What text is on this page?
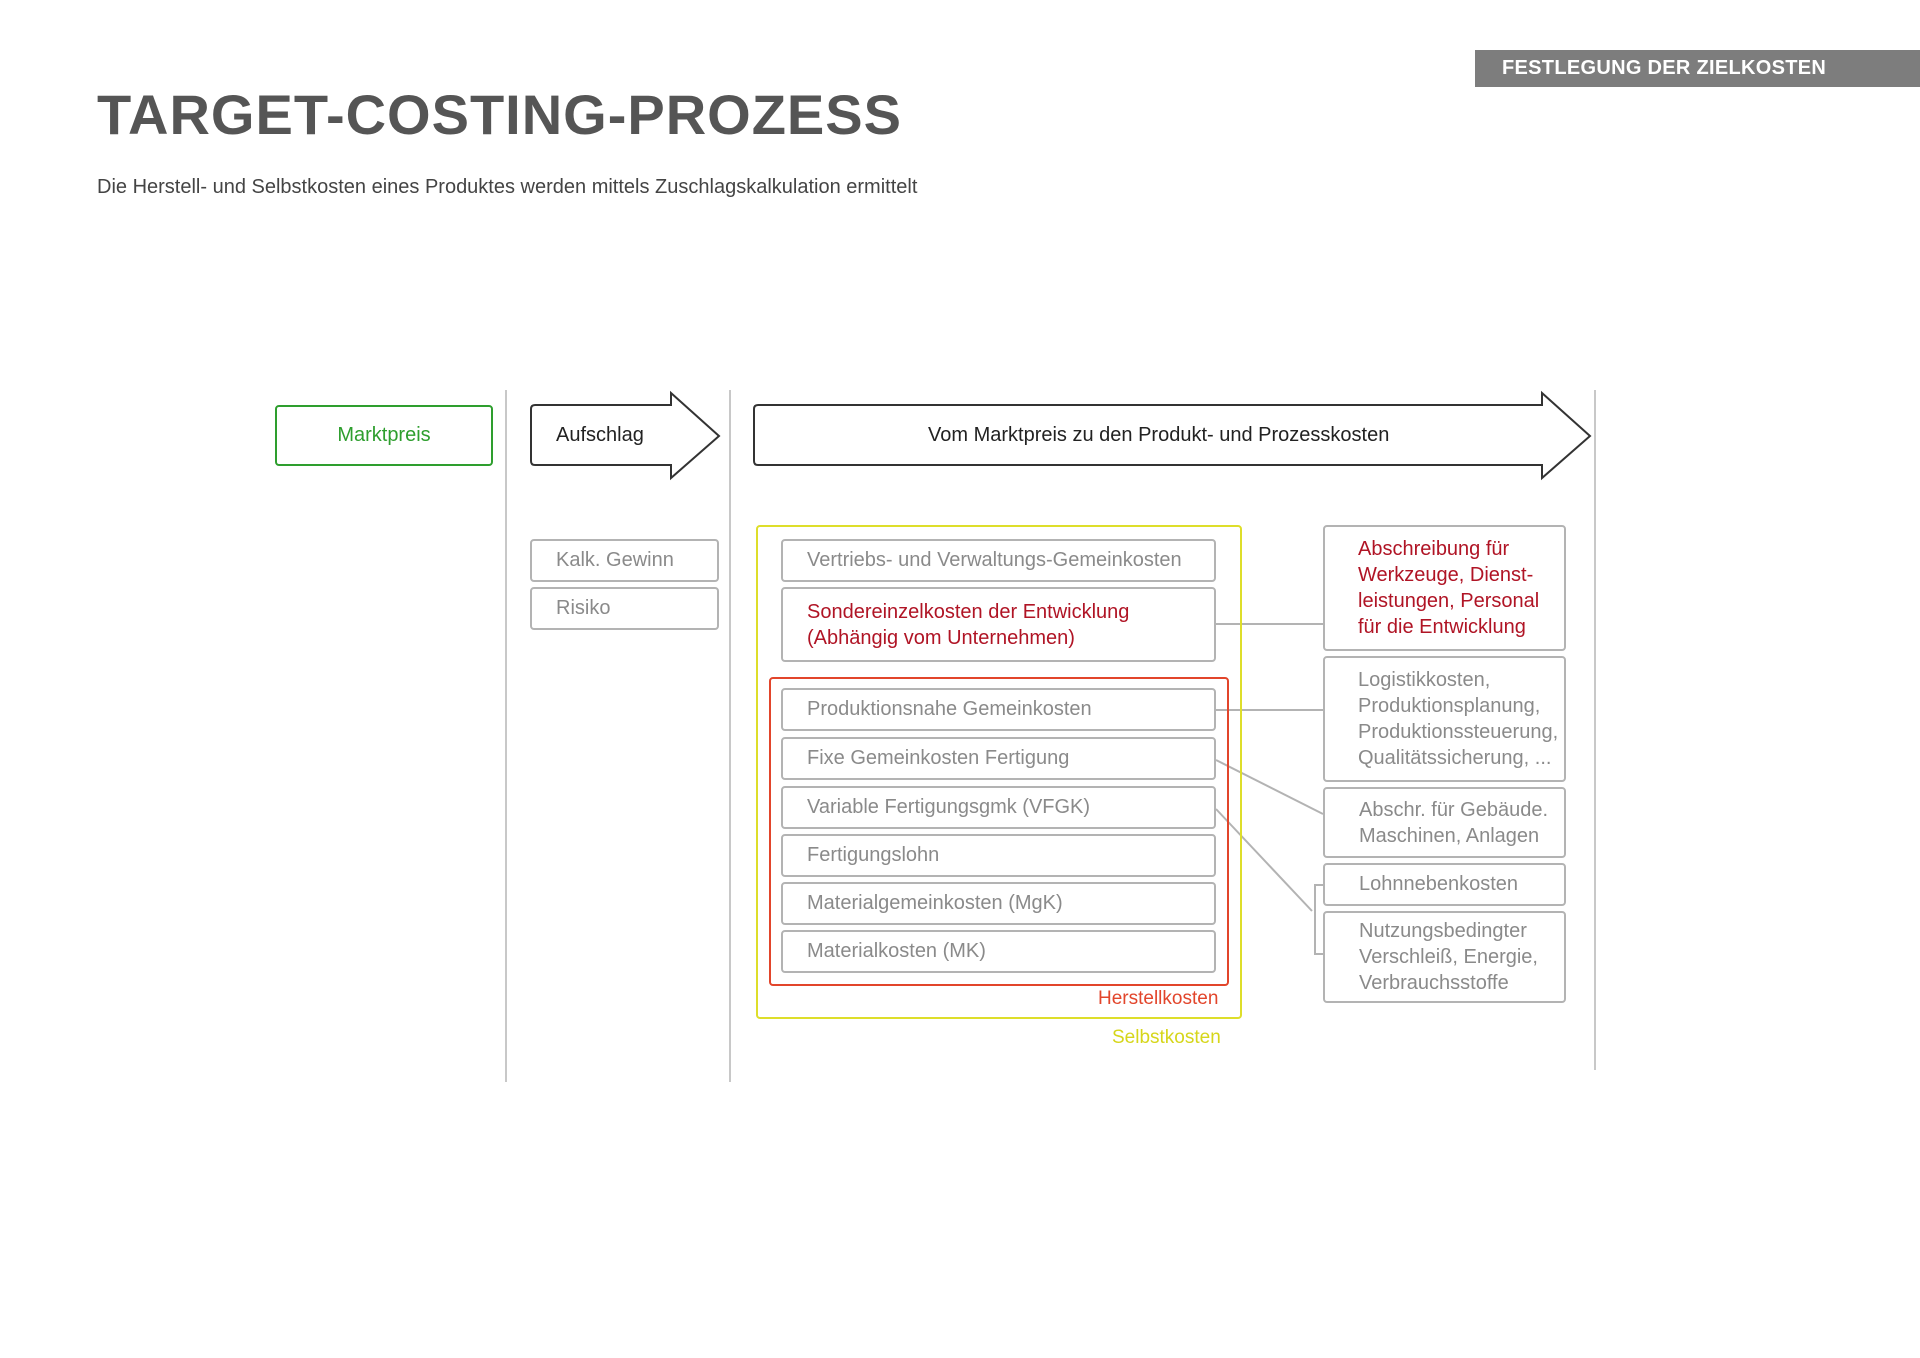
FESTLEGUNG DER ZIELKOSTEN
TARGET-COSTING-PROZESS
Die Herstell- und Selbstkosten eines Produktes werden mittels Zuschlagskalkulation ermittelt
Marktpreis	Aufschlag	Vom Marktpreis zu den Produkt- und Prozesskosten
Kalk. Gewinn
Risiko
Vertriebs- und Verwaltungs-Gemeinkosten
Sondereinzelkosten der Entwicklung
(Abhängig vom Unternehmen)
Produktionsnahe Gemeinkosten
Fixe Gemeinkosten Fertigung
Variable Fertigungsgmk (VFGK)
Fertigungslohn
Materialgemeinkosten (MgK)
Materialkosten (MK)
Herstellkosten
Selbstkosten
Abschreibung für
Werkzeuge, Dienst-
leistungen, Personal
für die Entwicklung
Logistikkosten,
Produktionsplanung,
Produktionssteuerung,
Qualitätssicherung, ...
Abschr. für Gebäude.
Maschinen, Anlagen
Lohnnebenkosten
Nutzungsbedingter
Verschleiß, Energie,
Verbrauchsstoffe
